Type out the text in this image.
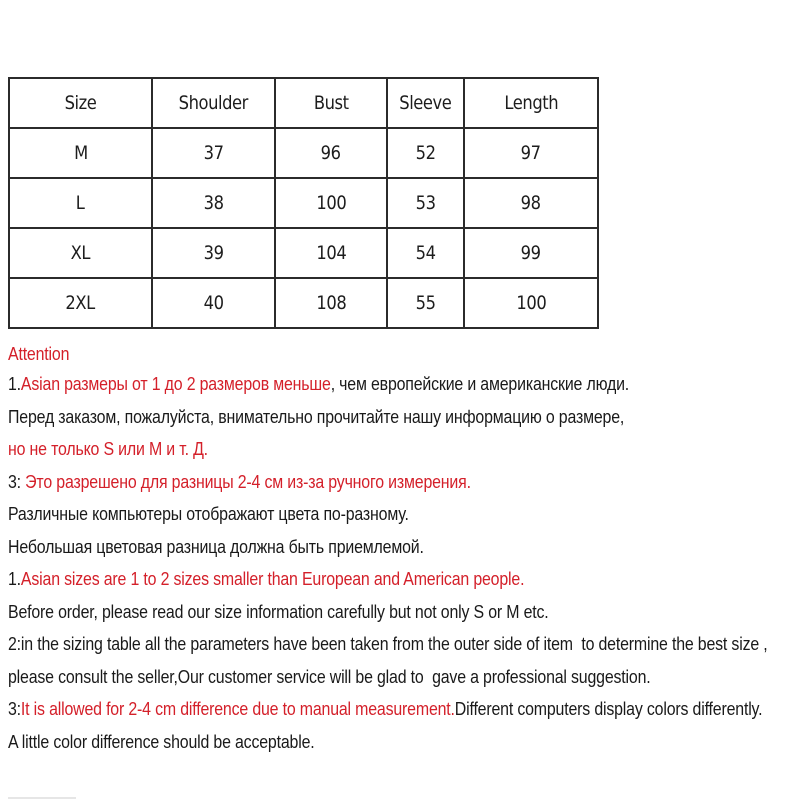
Size	Shoulder	Bust	Sleeve	Length
M	37	96	52	97
L	38	100	53	98
XL	39	104	54	99
2XL	40	108	55	100
Attention
1.Asian размеры от 1 до 2 размеров меньше, чем европейские и американские люди.
Перед заказом, пожалуйста, внимательно прочитайте нашу информацию о размере,
но не только S или M и т. Д.
3: Это разрешено для разницы 2-4 см из-за ручного измерения.
Различные компьютеры отображают цвета по-разному.
Небольшая цветовая разница должна быть приемлемой.
1.Asian sizes are 1 to 2 sizes smaller than European and American people.
Before order, please read our size information carefully but not only S or M etc.
2:in the sizing table all the parameters have been taken from the outer side of item  to determine the best size ,
please consult the seller,Our customer service will be glad to  gave a professional suggestion.
3:It is allowed for 2-4 cm difference due to manual measurement.Different computers display colors differently.
A little color difference should be acceptable.
